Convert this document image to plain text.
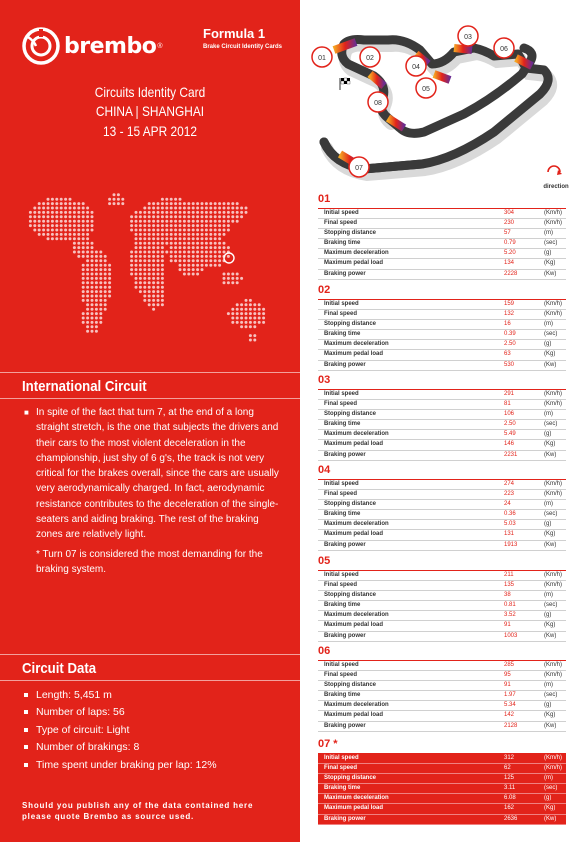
brembo ®
Formula 1
Brake Circuit Identity Cards
Circuits Identity Card
CHINA | SHANGHAI
13 - 15 APR 2012
International Circuit
■ In spite of the fact that turn 7, at the end of a long straight stretch, is the one that subjects the drivers and their cars to the most violent deceleration in the championship, just shy of 6 g's, the track is not very critical for the brakes overall, since the cars are usually very aerodynamically charged. In fact, aerodynamic resistance contributes to the deceleration of the single-seaters and aiding braking. The rest of the braking zones are relatively light.

* Turn 07 is considered the most demanding for the braking system.
Circuit Data
Length: 5,451 m
Number of laps: 56
Type of circuit: Light
Number of brakings: 8
Time spent under braking per lap: 12%
Should you publish any of the data contained here please quote Brembo as source used.
01	02
03
04
05
06
07
08
direction
01
Initial speed	304	(Km/h)
Final speed	230	(Km/h)
Stopping distance	57	(m)
Braking time	0.79	(sec)
Maximum deceleration	5.20	(g)
Maximum pedal load	134	(Kg)
Braking power	2228	(Kw)
02
Initial speed	159	(Km/h)
Final speed	132	(Km/h)
Stopping distance	16	(m)
Braking time	0.39	(sec)
Maximum deceleration	2.50	(g)
Maximum pedal load	63	(Kg)
Braking power	530	(Kw)
03
Initial speed	291	(Km/h)
Final speed	81	(Km/h)
Stopping distance	106	(m)
Braking time	2.50	(sec)
Maximum deceleration	5.49	(g)
Maximum pedal load	146	(Kg)
Braking power	2231	(Kw)
04
Initial speed	274	(Km/h)
Final speed	223	(Km/h)
Stopping distance	24	(m)
Braking time	0.36	(sec)
Maximum deceleration	5.03	(g)
Maximum pedal load	131	(Kg)
Braking power	1913	(Kw)
05
Initial speed	211	(Km/h)
Final speed	135	(Km/h)
Stopping distance	38	(m)
Braking time	0.81	(sec)
Maximum deceleration	3.52	(g)
Maximum pedal load	91	(Kg)
Braking power	1003	(Kw)
06
Initial speed	285	(Km/h)
Final speed	95	(Km/h)
Stopping distance	91	(m)
Braking time	1.97	(sec)
Maximum deceleration	5.34	(g)
Maximum pedal load	142	(Kg)
Braking power	2128	(Kw)
07 *
Initial speed	312	(Km/h)
Final speed	62	(Km/h)
Stopping distance	125	(m)
Braking time	3.11	(sec)
Maximum deceleration	6.08	(g)
Maximum pedal load	162	(Kg)
Braking power	2636	(Kw)
